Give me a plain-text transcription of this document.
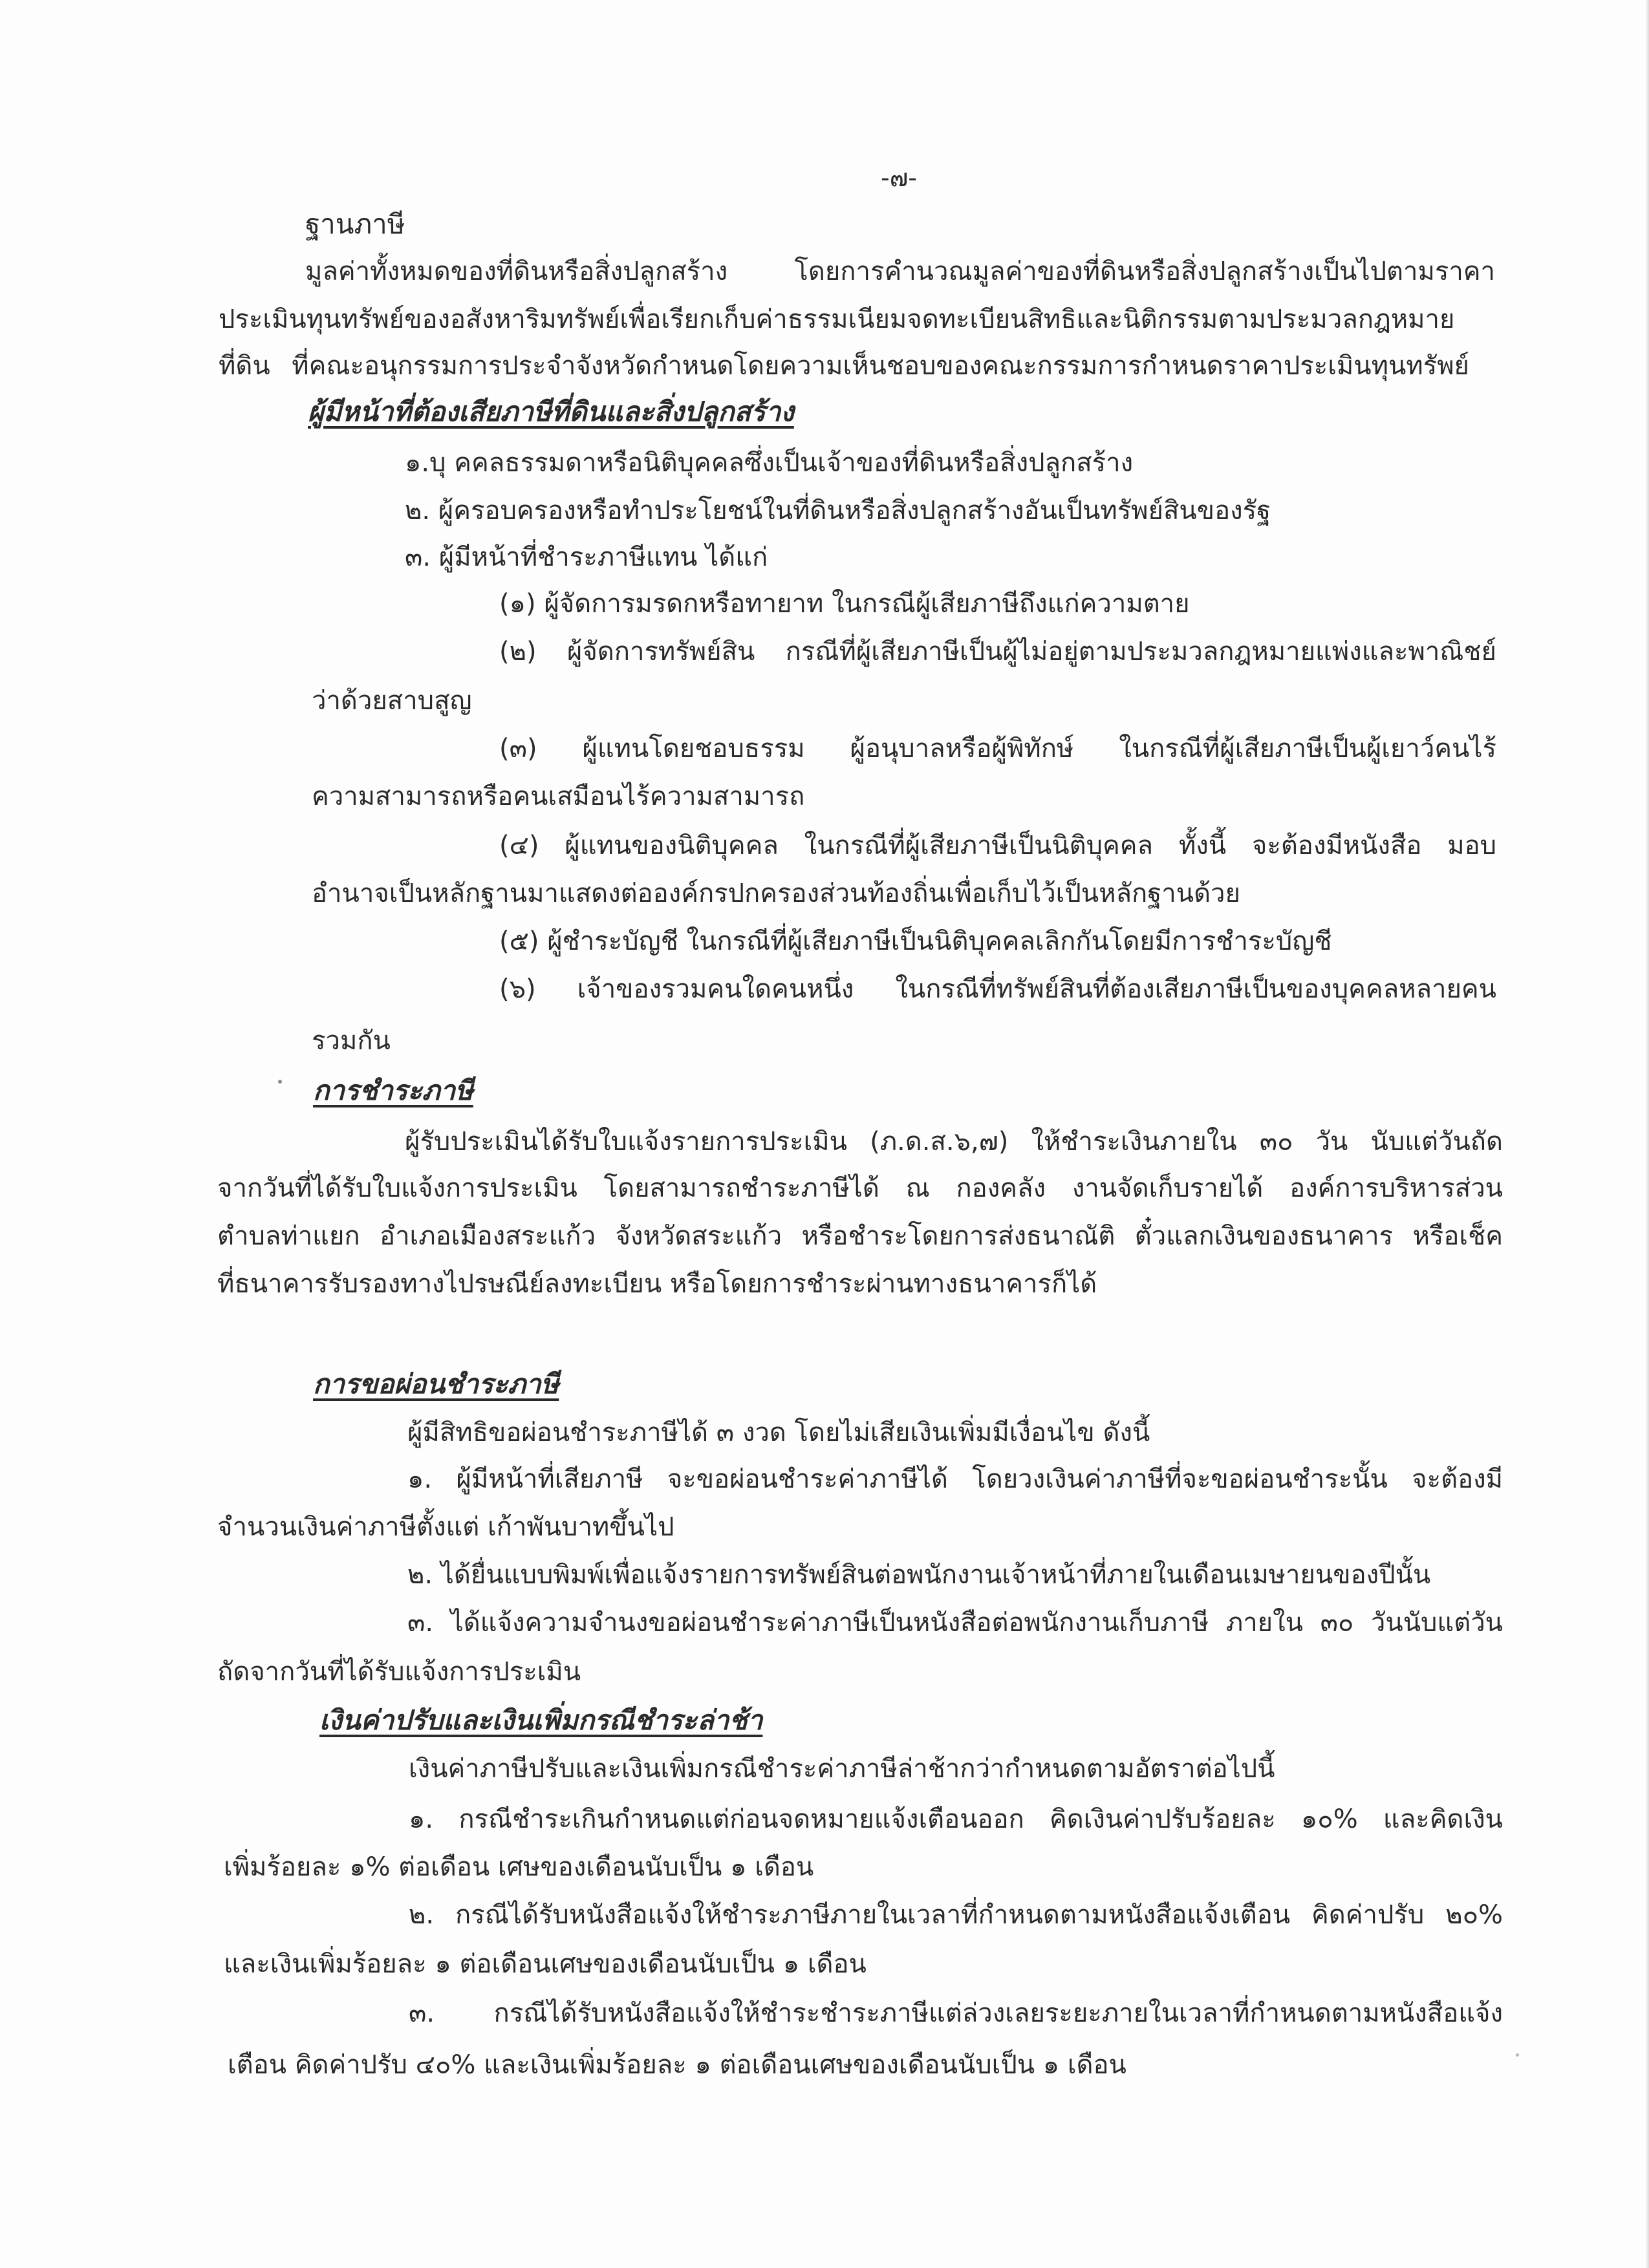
-๗-

ฐานภาษี

มูลค่าทั้งหมดของที่ดินหรือสิ่งปลูกสร้าง โดยการคำนวณมูลค่าของที่ดินหรือสิ่งปลูกสร้างเป็นไปตามราคา

ประเมินทุนทรัพย์ของอสังหาริมทรัพย์เพื่อเรียกเก็บค่าธรรมเนียมจดทะเบียนสิทธิและนิติกรรมตามประมวลกฎหมาย

ที่ดิน ที่คณะอนุกรรมการประจำจังหวัดกำหนดโดยความเห็นชอบของคณะกรรมการกำหนดราคาประเมินทุนทรัพย์

ผู้มีหน้าที่ต้องเสียภาษีที่ดินและสิ่งปลูกสร้าง

๑.บุ คคลธรรมดาหรือนิติบุคคลซึ่งเป็นเจ้าของที่ดินหรือสิ่งปลูกสร้าง

๒. ผู้ครอบครองหรือทำประโยชน์ในที่ดินหรือสิ่งปลูกสร้างอันเป็นทรัพย์สินของรัฐ

๓. ผู้มีหน้าที่ชำระภาษีแทน ได้แก่

(๑) ผู้จัดการมรดกหรือทายาท ในกรณีผู้เสียภาษีถึงแก่ความตาย

(๒) ผู้จัดการทรัพย์สิน กรณีที่ผู้เสียภาษีเป็นผู้ไม่อยู่ตามประมวลกฎหมายแพ่งและพาณิชย์

ว่าด้วยสาบสูญ

(๓) ผู้แทนโดยชอบธรรม ผู้อนุบาลหรือผู้พิทักษ์ ในกรณีที่ผู้เสียภาษีเป็นผู้เยาว์คนไร้

ความสามารถหรือคนเสมือนไร้ความสามารถ

(๔) ผู้แทนของนิติบุคคล ในกรณีที่ผู้เสียภาษีเป็นนิติบุคคล ทั้งนี้ จะต้องมีหนังสือ มอบ

อำนาจเป็นหลักฐานมาแสดงต่อองค์กรปกครองส่วนท้องถิ่นเพื่อเก็บไว้เป็นหลักฐานด้วย

(๕) ผู้ชำระบัญชี ในกรณีที่ผู้เสียภาษีเป็นนิติบุคคลเลิกกันโดยมีการชำระบัญชี

(๖) เจ้าของรวมคนใดคนหนึ่ง ในกรณีที่ทรัพย์สินที่ต้องเสียภาษีเป็นของบุคคลหลายคน

รวมกัน

การชำระภาษี

ผู้รับประเมินได้รับใบแจ้งรายการประเมิน (ภ.ด.ส.๖,๗) ให้ชำระเงินภายใน ๓๐ วัน นับแต่วันถัด

จากวันที่ได้รับใบแจ้งการประเมิน โดยสามารถชำระภาษีได้ ณ กองคลัง งานจัดเก็บรายได้ องค์การบริหารส่วน

ตำบลท่าแยก อำเภอเมืองสระแก้ว จังหวัดสระแก้ว หรือชำระโดยการส่งธนาณัติ ตั๋วแลกเงินของธนาคาร หรือเช็ค

ที่ธนาคารรับรองทางไปรษณีย์ลงทะเบียน หรือโดยการชำระผ่านทางธนาคารก็ได้

การขอผ่อนชำระภาษี

ผู้มีสิทธิขอผ่อนชำระภาษีได้ ๓ งวด โดยไม่เสียเงินเพิ่มมีเงื่อนไข ดังนี้

๑. ผู้มีหน้าที่เสียภาษี จะขอผ่อนชำระค่าภาษีได้ โดยวงเงินค่าภาษีที่จะขอผ่อนชำระนั้น จะต้องมี

จำนวนเงินค่าภาษีตั้งแต่ เก้าพันบาทขึ้นไป

๒. ได้ยื่นแบบพิมพ์เพื่อแจ้งรายการทรัพย์สินต่อพนักงานเจ้าหน้าที่ภายในเดือนเมษายนของปีนั้น

๓. ได้แจ้งความจำนงขอผ่อนชำระค่าภาษีเป็นหนังสือต่อพนักงานเก็บภาษี ภายใน ๓๐ วันนับแต่วัน

ถัดจากวันที่ได้รับแจ้งการประเมิน

เงินค่าปรับและเงินเพิ่มกรณีชำระล่าช้า

เงินค่าภาษีปรับและเงินเพิ่มกรณีชำระค่าภาษีล่าช้ากว่ากำหนดตามอัตราต่อไปนี้

๑. กรณีชำระเกินกำหนดแต่ก่อนจดหมายแจ้งเตือนออก คิดเงินค่าปรับร้อยละ ๑๐% และคิดเงิน

เพิ่มร้อยละ ๑% ต่อเดือน เศษของเดือนนับเป็น ๑ เดือน

๒. กรณีได้รับหนังสือแจ้งให้ชำระภาษีภายในเวลาที่กำหนดตามหนังสือแจ้งเตือน คิดค่าปรับ ๒๐%

และเงินเพิ่มร้อยละ ๑ ต่อเดือนเศษของเดือนนับเป็น ๑ เดือน

๓. กรณีได้รับหนังสือแจ้งให้ชำระชำระภาษีแต่ล่วงเลยระยะภายในเวลาที่กำหนดตามหนังสือแจ้ง

เตือน คิดค่าปรับ ๔๐% และเงินเพิ่มร้อยละ ๑ ต่อเดือนเศษของเดือนนับเป็น ๑ เดือน
